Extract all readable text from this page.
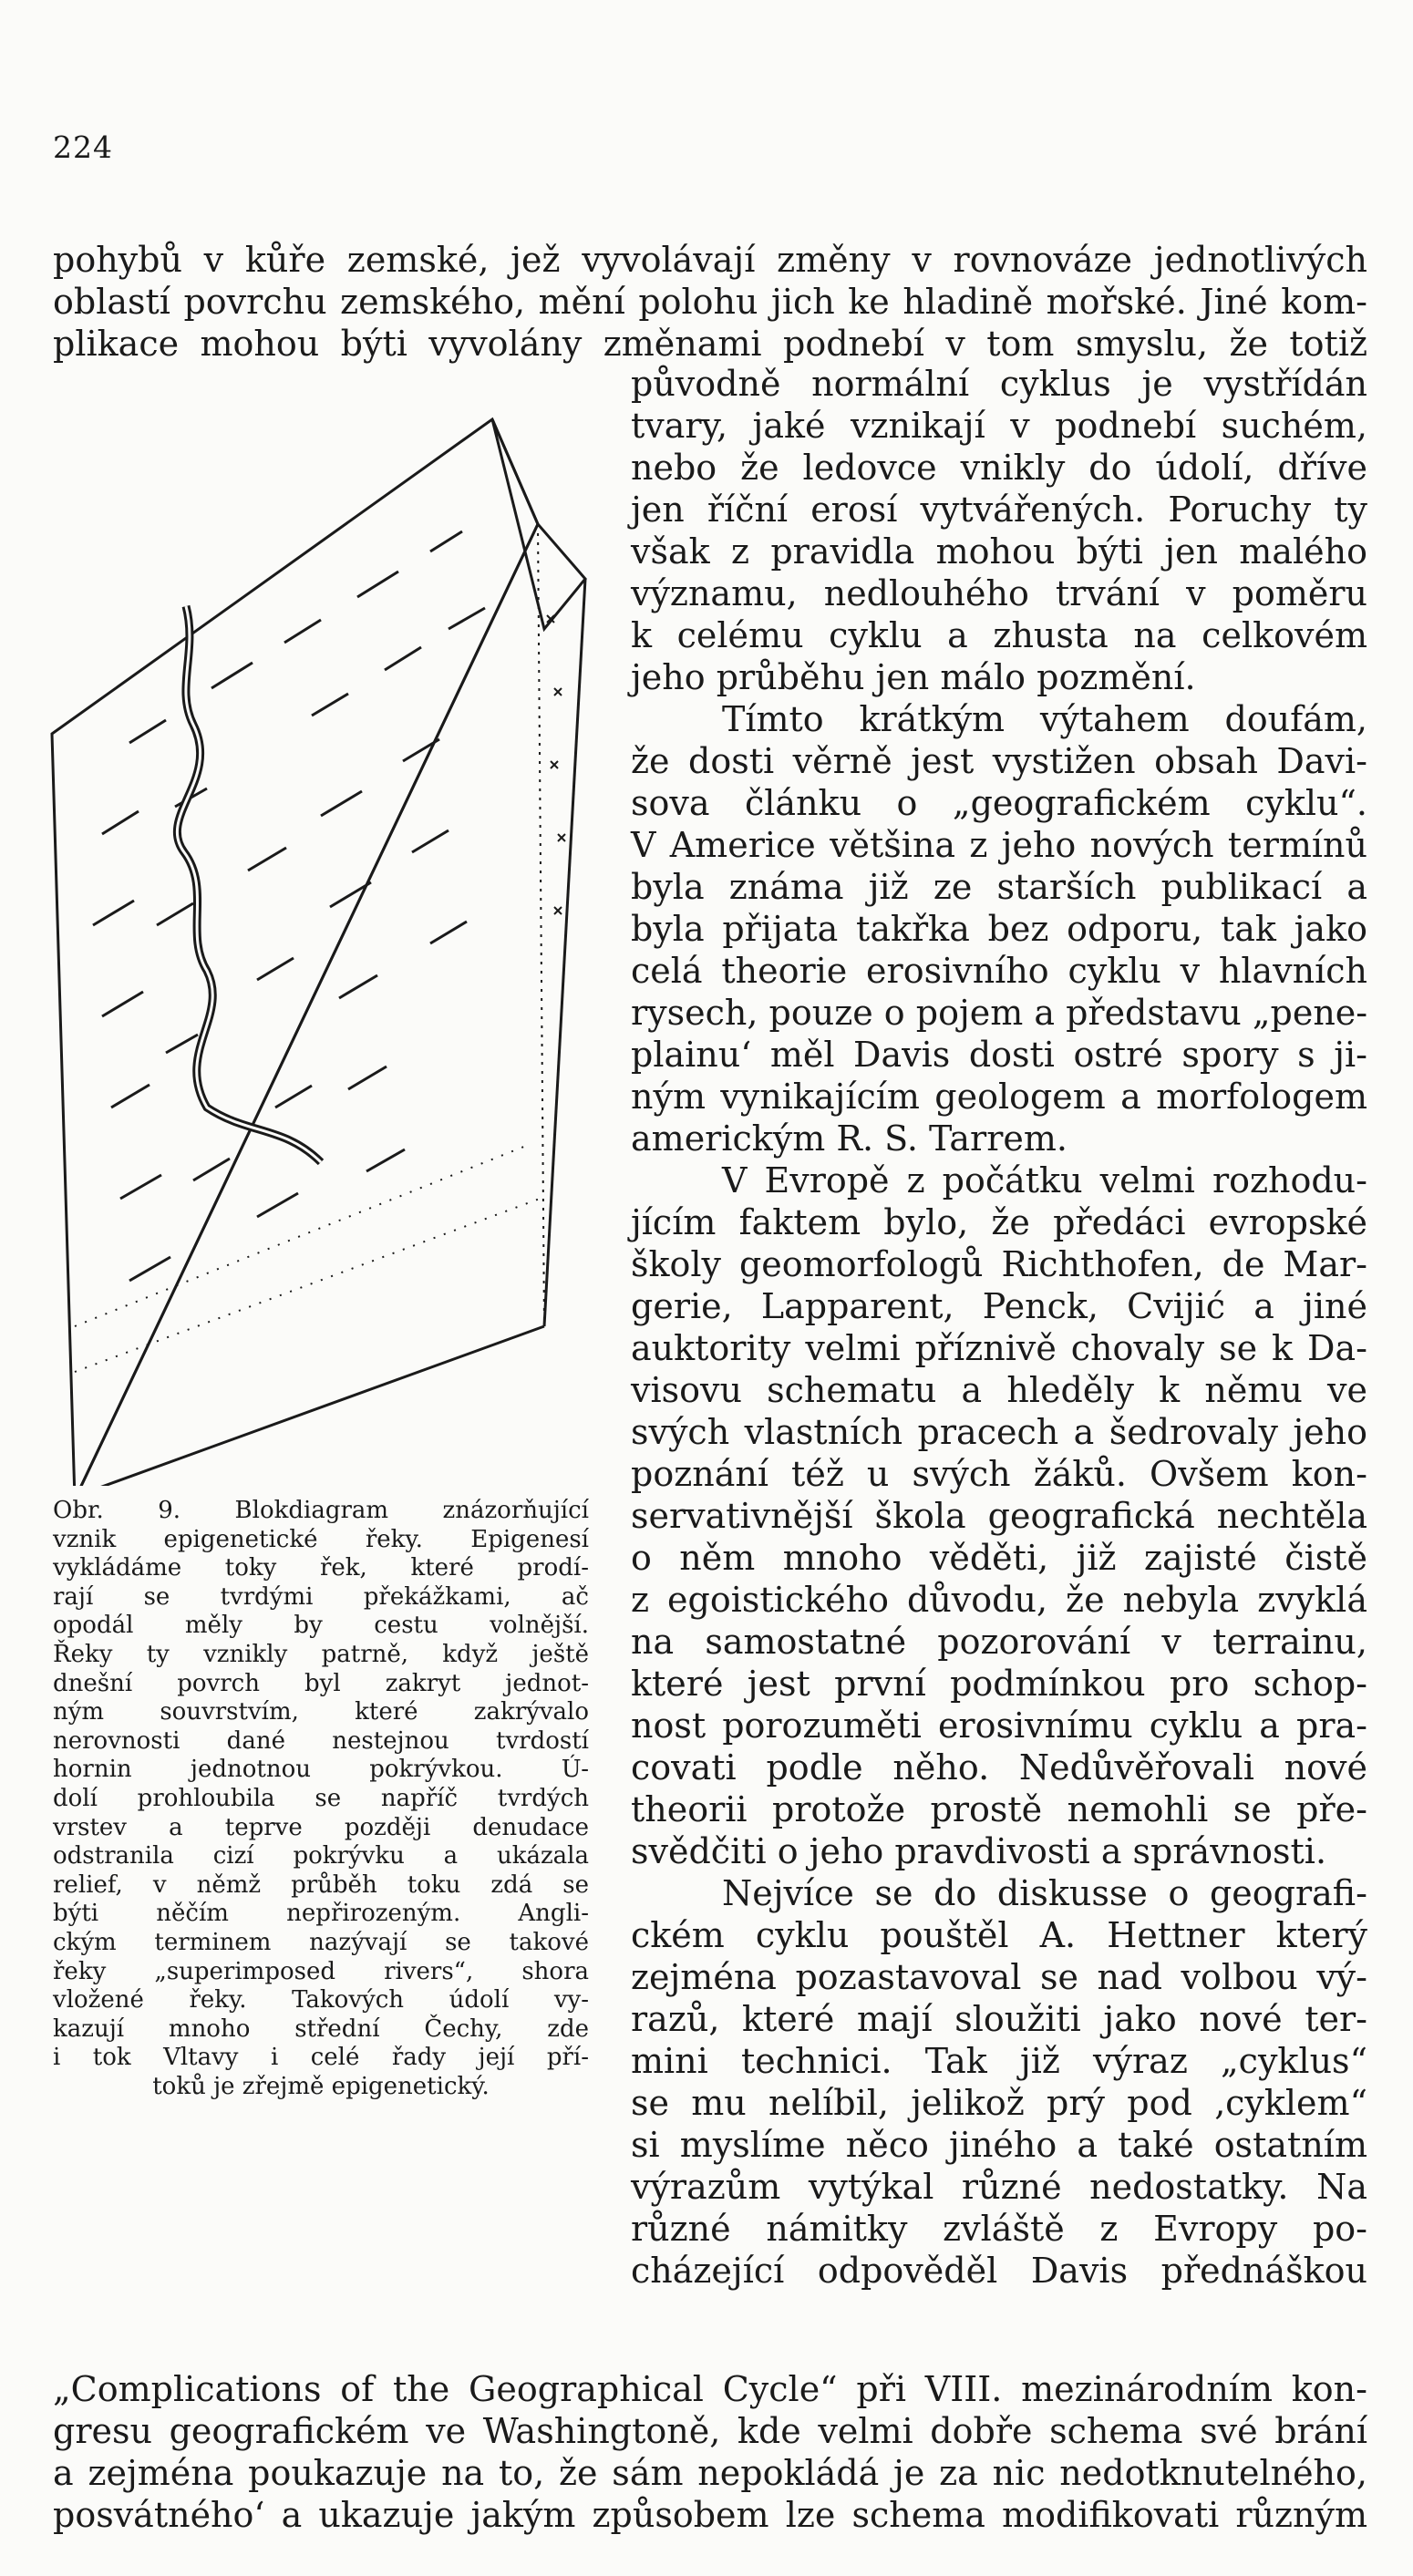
224
pohybů v kůře zemské, jež vyvolávají změny v rovnováze jednotlivých
oblastí povrchu zemského, mění polohu jich ke hladině mořské. Jiné kom-
plikace mohou býti vyvolány změnami podnebí v tom smyslu, že totiž
původně normální cyklus je vystřídán
tvary, jaké vznikají v podnebí suchém,
nebo že ledovce vnikly do údolí, dříve
jen říční erosí vytvářených. Poruchy ty
však z pravidla mohou býti jen malého
významu, nedlouhého trvání v poměru
k celému cyklu a zhusta na celkovém
jeho průběhu jen málo pozmění.
Tímto krátkým výtahem doufám,
že dosti věrně jest vystižen obsah Davi-
sova článku o „geografickém cyklu“.
V Americe většina z jeho nových termínů
byla známa již ze starších publikací a
byla přijata takřka bez odporu, tak jako
celá theorie erosivního cyklu v hlavních
rysech, pouze o pojem a představu „pene-
plainu‘ měl Davis dosti ostré spory s ji-
ným vynikajícím geologem a morfologem
americkým R. S. Tarrem.
V Evropě z počátku velmi rozhodu-
jícím faktem bylo, že předáci evropské
školy geomorfologů Richthofen, de Mar-
gerie, Lapparent, Penck, Cvijić a jiné
auktority velmi příznivě chovaly se k Da-
visovu schematu a hleděly k němu ve
svých vlastních pracech a šedrovaly jeho
poznání též u svých žáků. Ovšem kon-
servativnější škola geografická nechtěla
o něm mnoho věděti, již zajisté čistě
z egoistického důvodu, že nebyla zvyklá
na samostatné pozorování v terrainu,
které jest první podmínkou pro schop-
nost porozuměti erosivnímu cyklu a pra-
covati podle něho. Nedůvěřovali nové
theorii protože prostě nemohli se pře-
svědčiti o jeho pravdivosti a správnosti.
Nejvíce se do diskusse o geografi-
ckém cyklu pouštěl A. Hettner který
zejména pozastavoval se nad volbou vý-
razů, které mají sloužiti jako nové ter-
mini technici. Tak již výraz „cyklus“
se mu nelíbil, jelikož prý pod ‚cyklem“
si myslíme něco jiného a také ostatním
výrazům vytýkal různé nedostatky. Na
různé námitky zvláště z Evropy po-
cházející odpověděl Davis přednáškou
„Complications of the Geographical Cycle“ při VIII. mezinárodním kon-
gresu geografickém ve Washingtoně, kde velmi dobře schema své brání
a zejména poukazuje na to, že sám nepokládá je za nic nedotknutelného,
posvátného‘ a ukazuje jakým způsobem lze schema modifikovati různým
Obr. 9. Blokdiagram znázorňující
vznik epigenetické řeky. Epigenesí
vykládáme toky řek, které prodí-
rají se tvrdými překážkami, ač
opodál měly by cestu volnější.
Řeky ty vznikly patrně, když ještě
dnešní povrch byl zakryt jednot-
ným souvrstvím, které zakrývalo
nerovnosti dané nestejnou tvrdostí
hornin jednotnou pokrývkou. Ú-
dolí prohloubila se napříč tvrdých
vrstev a teprve později denudace
odstranila cizí pokrývku a ukázala
relief, v němž průběh toku zdá se
býti něčím nepřirozeným. Angli-
ckým terminem nazývají se takové
řeky „superimposed rivers“, shora
vložené řeky. Takových údolí vy-
kazují mnoho střední Čechy, zde
i tok Vltavy i celé řady její pří-
toků je zřejmě epigenetický.
